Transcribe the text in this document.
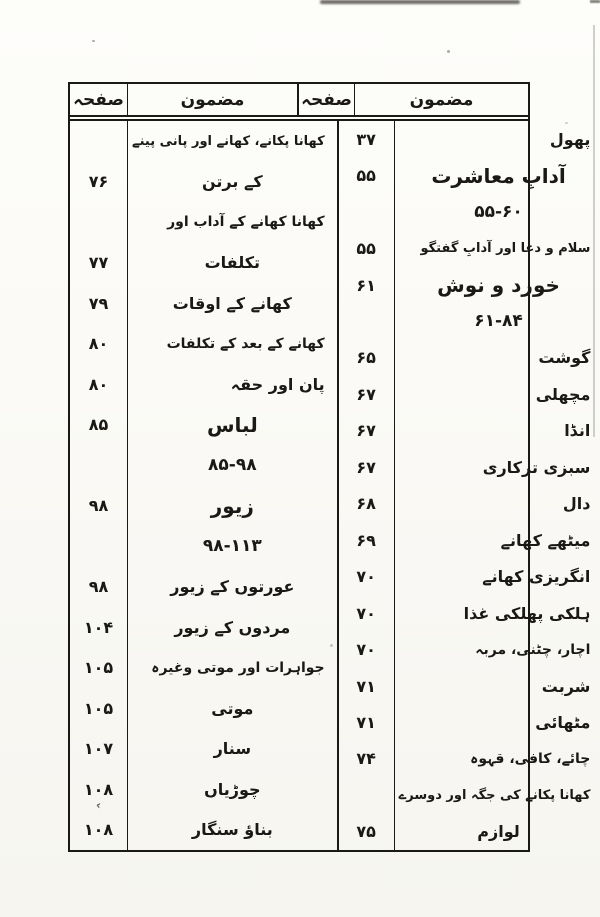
‹
صفحہ	مضمون	صفحہ	مضمون
کھانا پکانے، کھانے اور پانی پینے
۷۶	کے برتن
کھانا کھانے کے آداب اور
۷۷	تکلفات
۷۹	کھانے کے اوقات
۸۰	کھانے کے بعد کے تکلفات
۸۰	پان اور حقہ
۸۵	لباس
۸۵-۹۸
۹۸	زیور
۹۸-۱۱۳
۹۸	عورتوں کے زیور
۱۰۴	مردوں کے زیور
۱۰۵	جواہرات اور موتی وغیرہ
۱۰۵	موتی
۱۰۷	سنار
۱۰۸	چوڑیاں
۱۰۸	بناؤ سنگار
۳۷	پھول
۵۵	آدابِ معاشرت
۵۵-۶۰
۵۵	سلام و دعا اور آدابِ گفتگو
۶۱	خورد و نوش
۶۱-۸۴
۶۵	گوشت
۶۷	مچھلی
۶۷	انڈا
۶۷	سبزی ترکاری
۶۸	دال
۶۹	میٹھے کھانے
۷۰	انگریزی کھانے
۷۰	ہلکی پھلکی غذا
۷۰	اچار، چٹنی، مربہ
۷۱	شربت
۷۱	مٹھائی
۷۴	چائے، کافی، قہوہ
کھانا پکانے کی جگہ اور دوسرے
۷۵	لوازم
